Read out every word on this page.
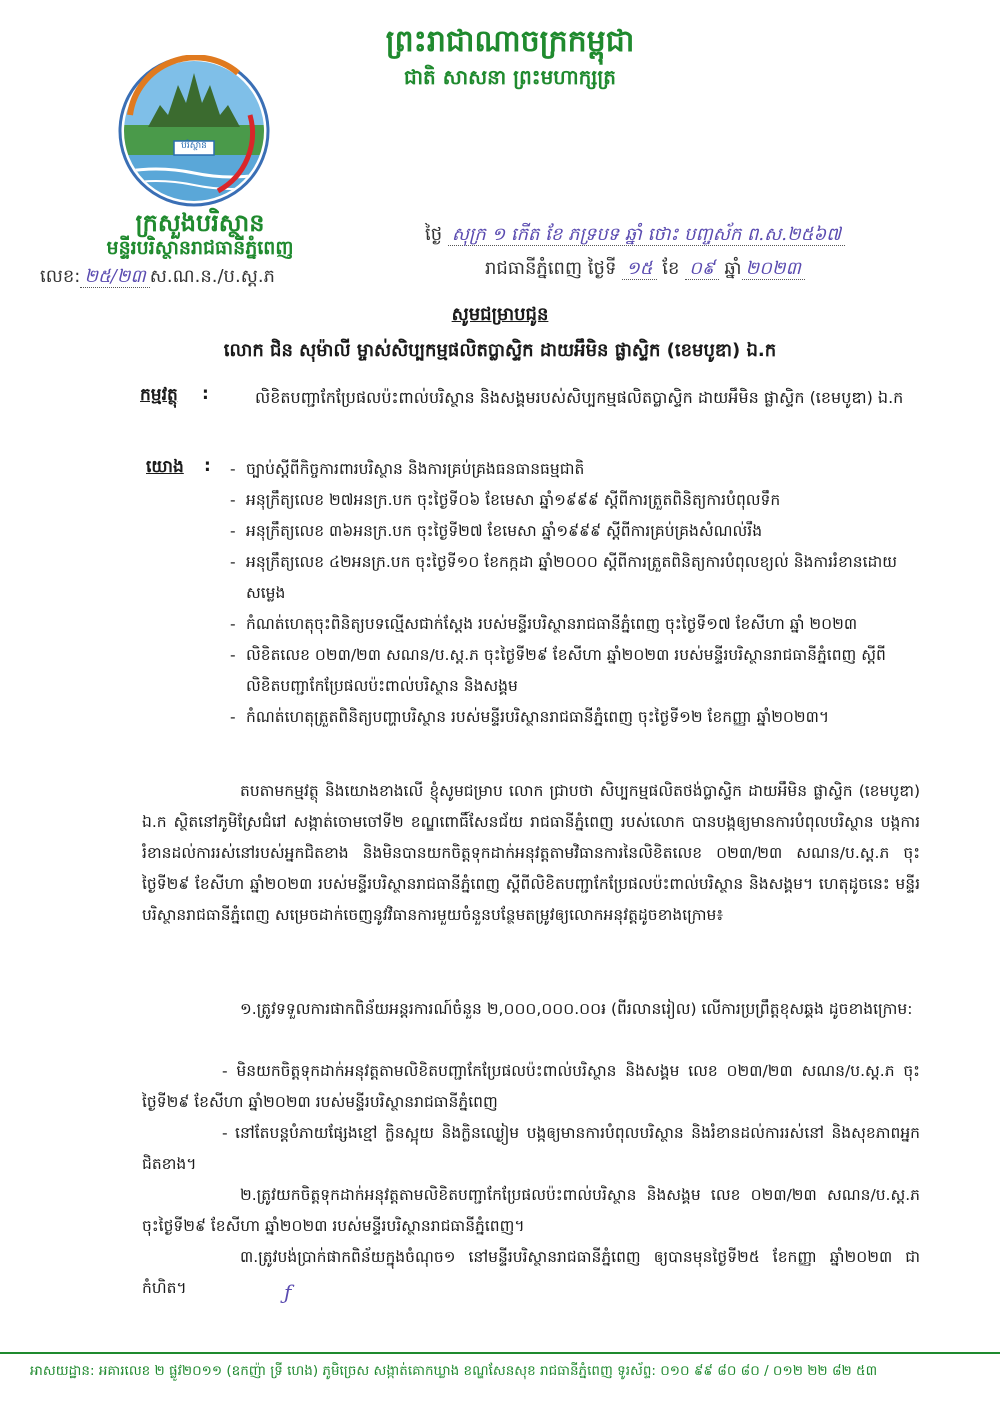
ព្រះរាជាណាចក្រកម្ពុជា
ជាតិ សាសនា ព្រះមហាក្សត្រ
បរិស្ថាន
ក្រសួងបរិស្ថាន
មន្ទីរបរិស្ថានរាជធានីភ្នំពេញ
លេខ: ២៥/២៣ ស.ណ.ន./ប.ស្ត.ភ
ថ្ងៃ សុក្រ ១ កើត ខែ ភទ្របទ ឆ្នាំ ថោះ បញ្ចស័ក ព.ស.២៥៦៧
រាជធានីភ្នំពេញ ថ្ងៃទី ១៥ ខែ ០៩ ឆ្នាំ ២០២៣
សូមជម្រាបជូន
លោក ជិន សុម៉ាលី ម្ចាស់សិប្បកម្មផលិតប្លាស្ទិក ដាយអឹមិន ផ្លាស្ទិក (ខេមបូឌា) ឯ.ក
កម្មវត្ថុ :	លិខិតបញ្ជាកែប្រែផលប៉ះពាល់បរិស្ថាន និងសង្គមរបស់សិប្បកម្មផលិតប្លាស្ទិក ដាយអឹមិន ផ្លាស្ទិក (ខេមបូឌា) ឯ.ក
យោង :
-	ច្បាប់ស្តីពីកិច្ចការពារបរិស្ថាន និងការគ្រប់គ្រងធនធានធម្មជាតិ
- អនុក្រឹត្យលេខ ២៧អនក្រ.បក ចុះថ្ងៃទី០៦ ខែមេសា ឆ្នាំ១៩៩៩ ស្តីពីការត្រួតពិនិត្យការបំពុលទឹក
- អនុក្រឹត្យលេខ ៣៦អនក្រ.បក ចុះថ្ងៃទី២៧ ខែមេសា ឆ្នាំ១៩៩៩ ស្តីពីការគ្រប់គ្រងសំណល់រឹង
- អនុក្រឹត្យលេខ ៤២អនក្រ.បក ចុះថ្ងៃទី១០ ខែកក្កដា ឆ្នាំ២០០០ ស្តីពីការត្រួតពិនិត្យការបំពុលខ្យល់ និងការរំខានដោយសម្លេង
- កំណត់ហេតុចុះពិនិត្យបទល្មើសជាក់ស្តែង របស់មន្ទីរបរិស្ថានរាជធានីភ្នំពេញ ចុះថ្ងៃទី១៧ ខែសីហា ឆ្នាំ ២០២៣
- លិខិតលេខ ០២៣/២៣ សណន/ប.ស្ត.ភ ចុះថ្ងៃទី២៩ ខែសីហា ឆ្នាំ២០២៣ របស់មន្ទីរបរិស្ថានរាជធានីភ្នំពេញ ស្តីពីលិខិតបញ្ជាកែប្រែផលប៉ះពាល់បរិស្ថាន និងសង្គម
- កំណត់ហេតុត្រួតពិនិត្យបញ្ហាបរិស្ថាន របស់មន្ទីរបរិស្ថានរាជធានីភ្នំពេញ ចុះថ្ងៃទី១២ ខែកញ្ញា ឆ្នាំ២០២៣។

តបតាមកម្មវត្ថុ និងយោងខាងលើ ខ្ញុំសូមជម្រាប លោក ជ្រាបថា សិប្បកម្មផលិតថង់ប្លាស្ទិក ដាយអឹមិន ផ្លាស្ទិក (ខេមបូឌា) ឯ.ក ស្ថិតនៅភូមិស្រែជំរៅ សង្កាត់ចោមចៅទី២ ខណ្ឌពោធិ៍សែនជ័យ រាជធានីភ្នំពេញ របស់លោក បានបង្កឲ្យមានការបំពុលបរិស្ថាន បង្កការរំខានដល់ការរស់នៅរបស់អ្នកជិតខាង និងមិនបានយកចិត្តទុកដាក់អនុវត្តតាមវិធានការនៃលិខិតលេខ ០២៣/២៣ សណន/ប.ស្ត.ភ ចុះថ្ងៃទី២៩ ខែសីហា ឆ្នាំ២០២៣ របស់មន្ទីរបរិស្ថានរាជធានីភ្នំពេញ ស្តីពីលិខិតបញ្ជាកែប្រែផលប៉ះពាល់បរិស្ថាន និងសង្គម។ ហេតុដូចនេះ មន្ទីរ បរិស្ថានរាជធានីភ្នំពេញ សម្រេចដាក់ចេញនូវវិធានការមួយចំនួនបន្ថែមតម្រូវឲ្យលោកអនុវត្តដូចខាងក្រោម៖

១.ត្រូវទទួលការផាកពិន័យអន្តរការណ៍ចំនួន ២,០០០,០០០.០០៛ (ពីរលានរៀល) លើការប្រព្រឹត្តខុសឆ្គង ដូចខាងក្រោម:

- មិនយកចិត្តទុកដាក់អនុវត្តតាមលិខិតបញ្ជាកែប្រែផលប៉ះពាល់បរិស្ថាន និងសង្គម លេខ ០២៣/២៣ សណន/ប.ស្ត.ភ ចុះថ្ងៃទី២៩ ខែសីហា ឆ្នាំ២០២៣ របស់មន្ទីរបរិស្ថានរាជធានីភ្នំពេញ

- នៅតែបន្តបំភាយផ្សែងខ្មៅ ក្លិនស្អុយ និងក្លិនឈ្ងៀម បង្កឲ្យមានការបំពុលបរិស្ថាន និងរំខានដល់ការរស់នៅ និងសុខភាពអ្នកជិតខាង។

២.ត្រូវយកចិត្តទុកដាក់អនុវត្តតាមលិខិតបញ្ជាកែប្រែផលប៉ះពាល់បរិស្ថាន និងសង្គម លេខ ០២៣/២៣ សណន/ប.ស្ត.ភ ចុះថ្ងៃទី២៩ ខែសីហា ឆ្នាំ២០២៣ របស់មន្ទីរបរិស្ថានរាជធានីភ្នំពេញ។

៣.ត្រូវបង់ប្រាក់ផាកពិន័យក្នុងចំណុច១ នៅមន្ទីរបរិស្ថានរាជធានីភ្នំពេញ ឲ្យបានមុនថ្ងៃទី២៥ ខែកញ្ញា ឆ្នាំ២០២៣ ជាកំហិត។	ƒ
អាសយដ្ឋាន: អគារលេខ ២ ផ្លូវ២០១១ (ឧកញ៉ា ទ្រី ហេង) ភូមិច្រេស សង្កាត់គោកឃ្លាង ខណ្ឌសែនសុខ រាជធានីភ្នំពេញ ទូរស័ព្ទ: ០១០ ៩៩ ៨០ ៨០ / ០១២ ២២ ៨២ ៥៣
